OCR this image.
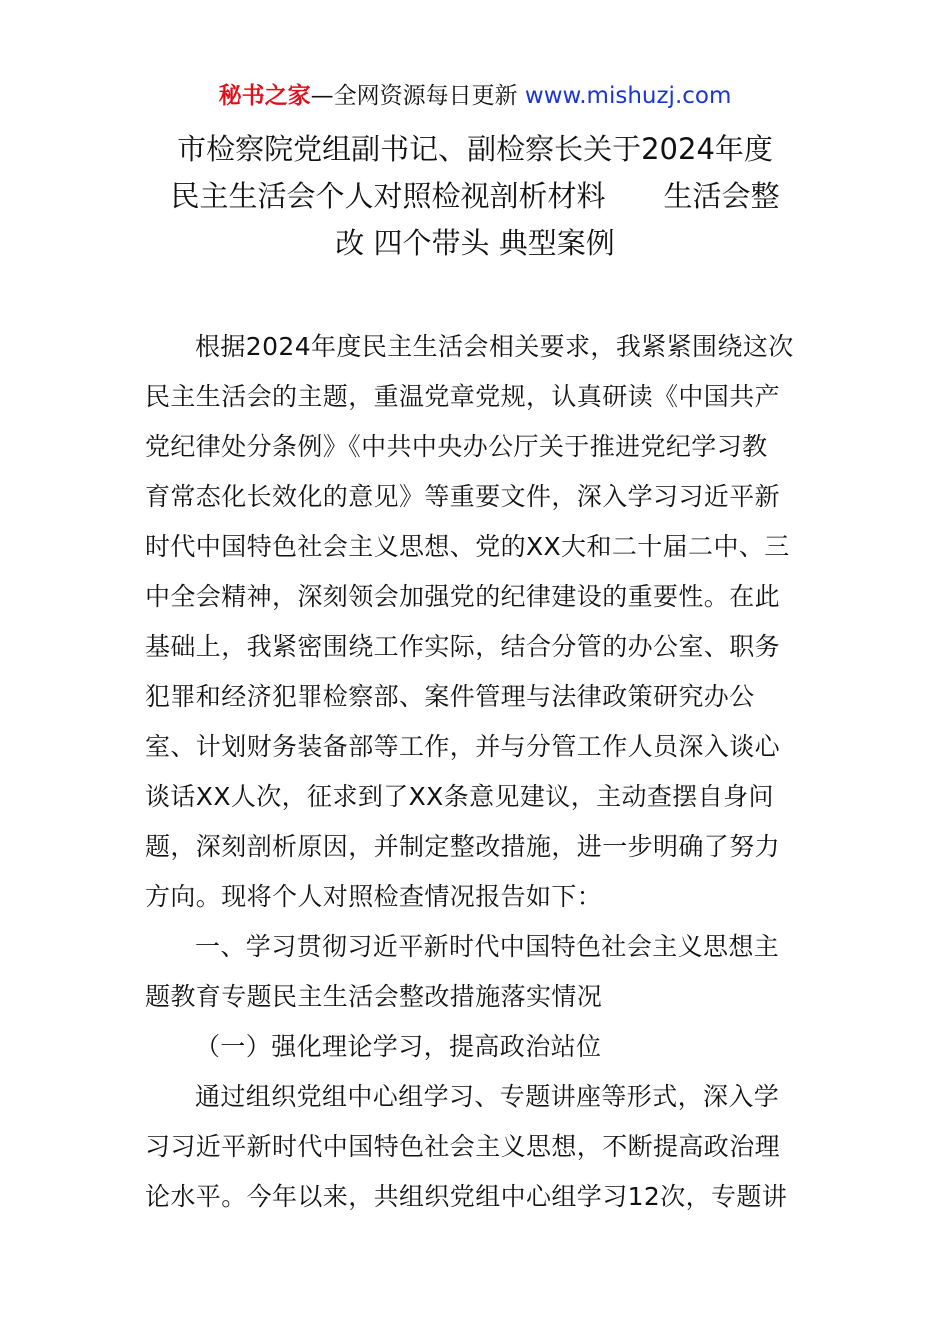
秘书之家—全网资源每日更新 www.mishuzj.com
市检察院党组副书记、副检察长关于2024年度
民主生活会个人对照检视剖析材料　　生活会整
改 四个带头 典型案例
根据2024年度民主生活会相关要求，我紧紧围绕这次
民主生活会的主题，重温党章党规，认真研读《中国共产
党纪律处分条例》《中共中央办公厅关于推进党纪学习教
育常态化长效化的意见》等重要文件，深入学习习近平新
时代中国特色社会主义思想、党的XX大和二十届二中、三
中全会精神，深刻领会加强党的纪律建设的重要性。在此
基础上，我紧密围绕工作实际，结合分管的办公室、职务
犯罪和经济犯罪检察部、案件管理与法律政策研究办公
室、计划财务装备部等工作，并与分管工作人员深入谈心
谈话XX人次，征求到了XX条意见建议，主动查摆自身问
题，深刻剖析原因，并制定整改措施，进一步明确了努力
方向。现将个人对照检查情况报告如下：
一、学习贯彻习近平新时代中国特色社会主义思想主
题教育专题民主生活会整改措施落实情况
（一）强化理论学习，提高政治站位
通过组织党组中心组学习、专题讲座等形式，深入学
习习近平新时代中国特色社会主义思想，不断提高政治理
论水平。今年以来，共组织党组中心组学习12次，专题讲
